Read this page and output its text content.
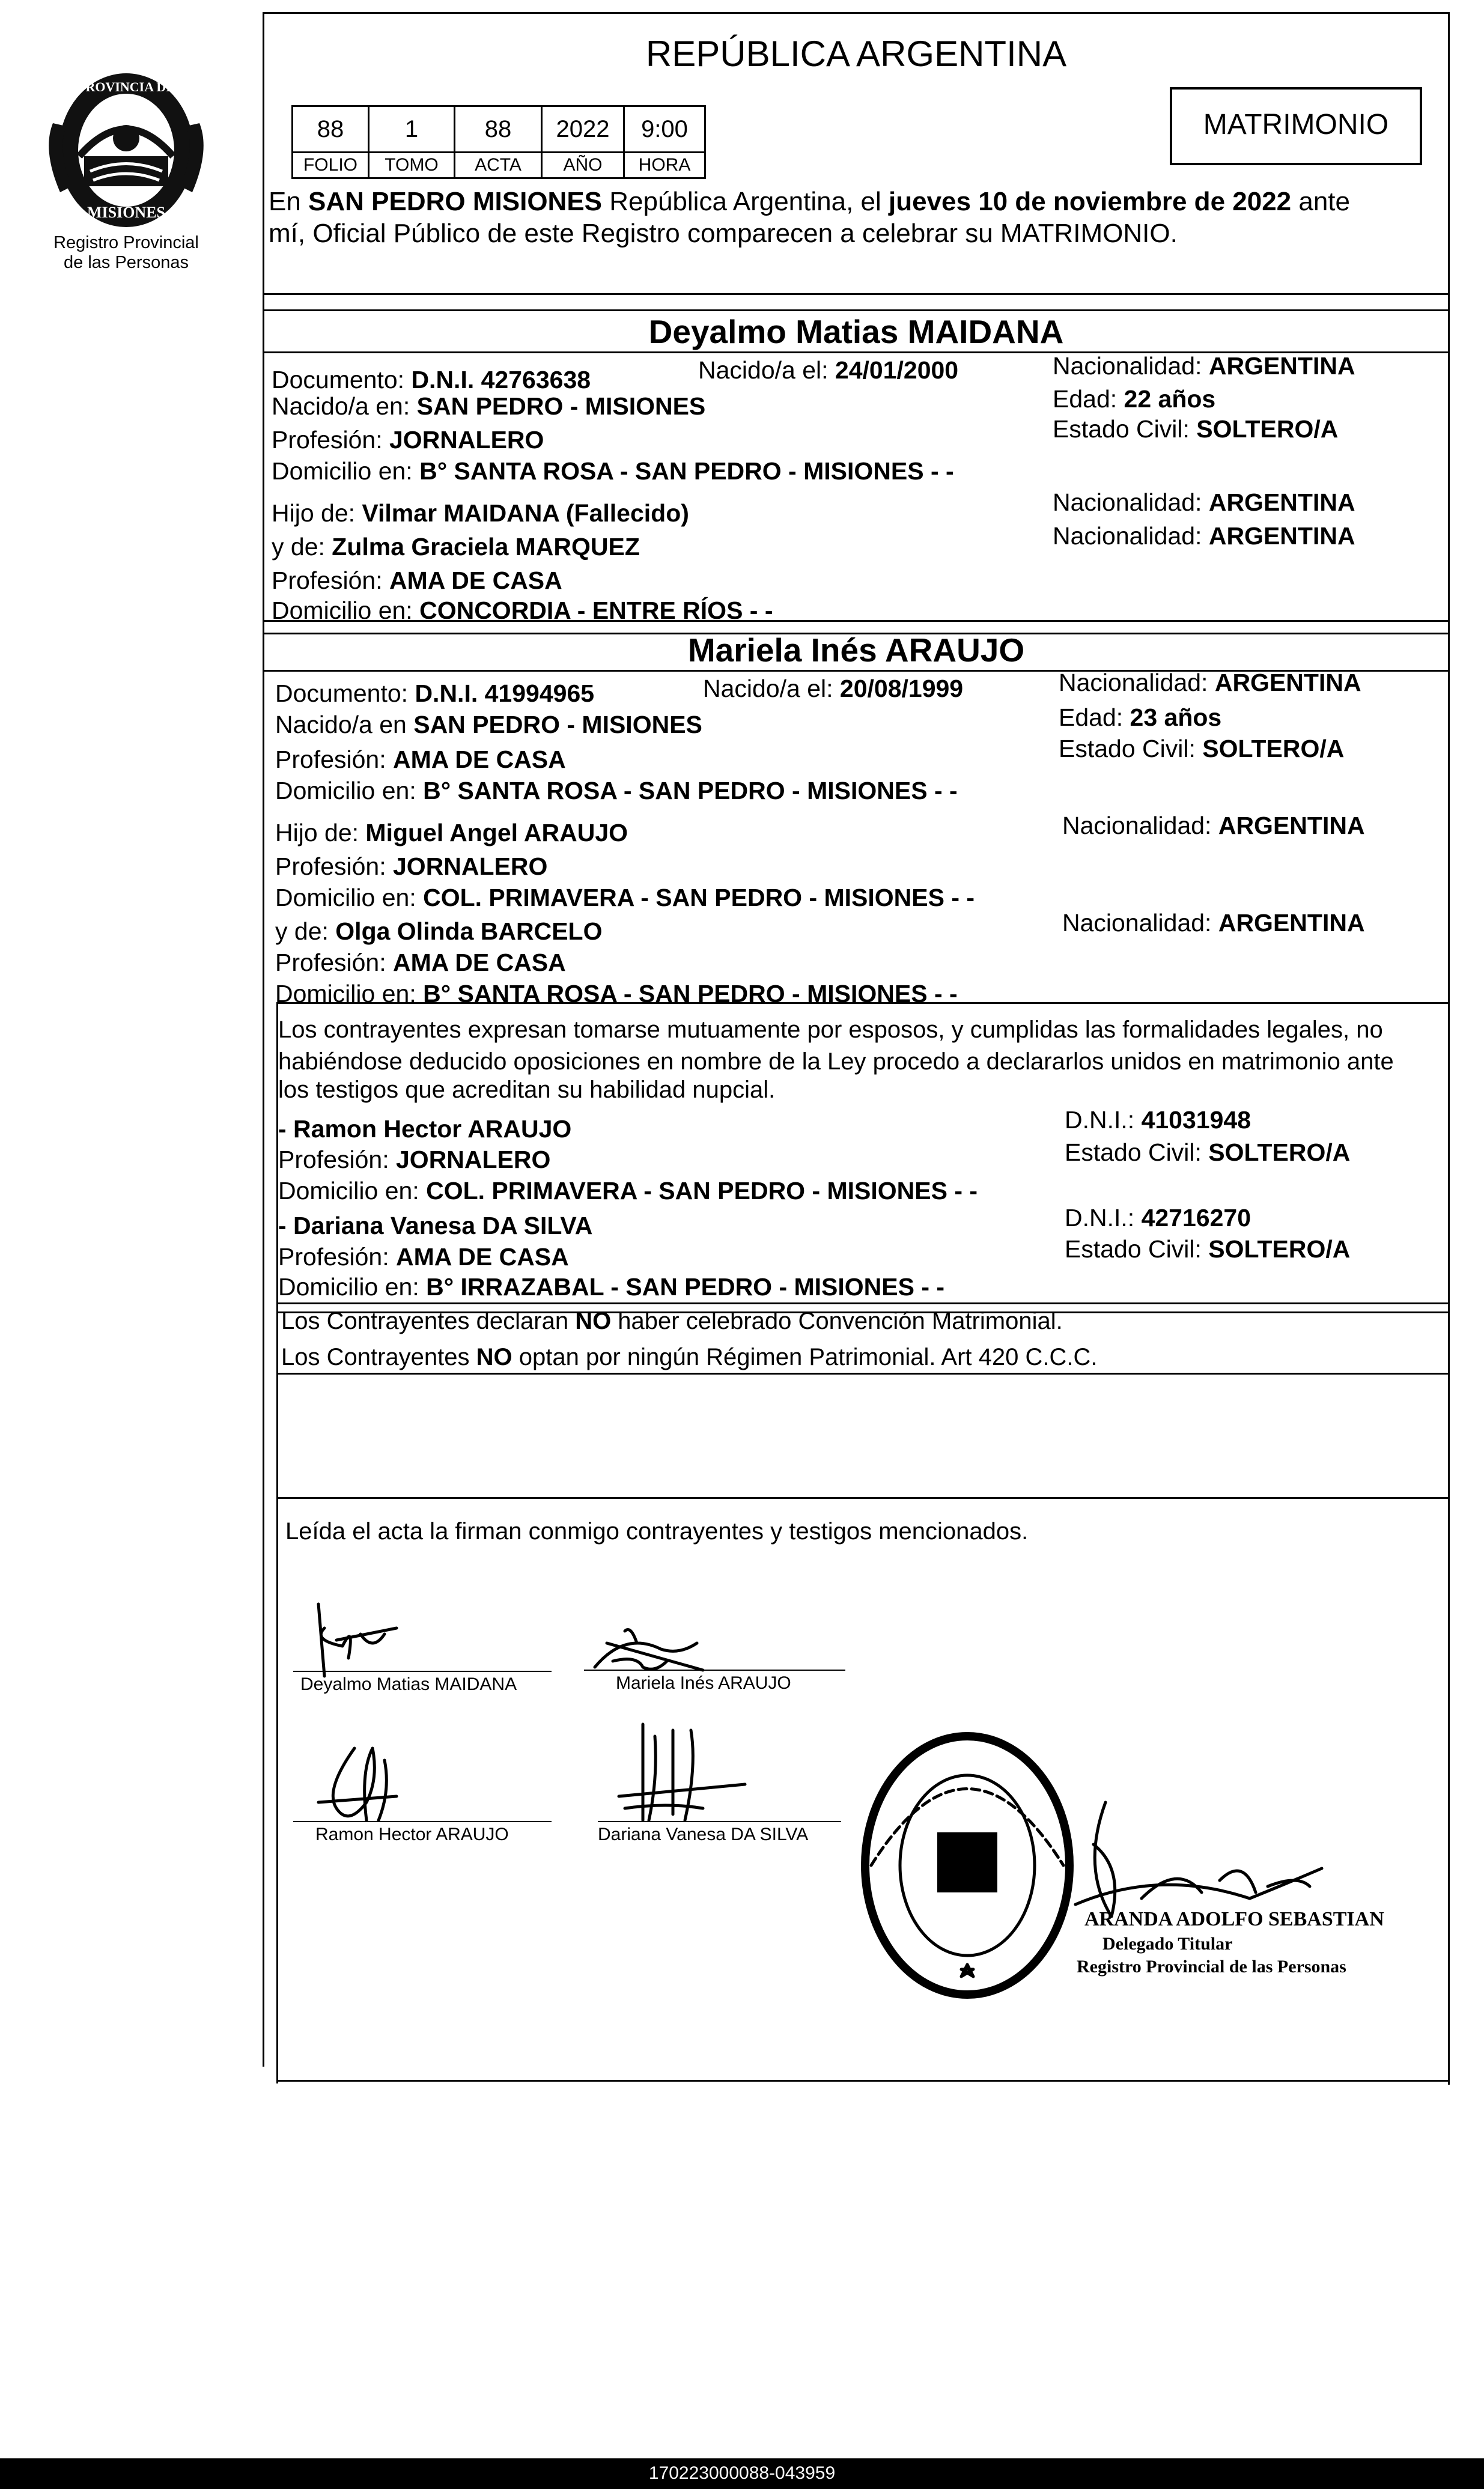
PROVINCIA DE
MISIONES
Registro Provincial
de las Personas
REPÚBLICA ARGENTINA
88	1	88	2022	9:00
FOLIO	TOMO	ACTA	AÑO	HORA
MATRIMONIO
En SAN PEDRO MISIONES República Argentina, el jueves 10 de noviembre de 2022 ante
mí, Oficial Público de este Registro comparecen a celebrar su MATRIMONIO.
Deyalmo Matias MAIDANA
Documento: D.N.I. 42763638	Nacido/a el: 24/01/2000	Nacionalidad: ARGENTINA
Nacido/a en: SAN PEDRO - MISIONES	Edad: 22 años
Profesión: JORNALERO	Estado Civil: SOLTERO/A
Domicilio en: B° SANTA ROSA - SAN PEDRO - MISIONES - -
Hijo de: Vilmar MAIDANA (Fallecido)	Nacionalidad: ARGENTINA
y de: Zulma Graciela MARQUEZ	Nacionalidad: ARGENTINA
Profesión: AMA DE CASA
Domicilio en: CONCORDIA - ENTRE RÍOS - -
Mariela Inés ARAUJO
Documento: D.N.I. 41994965	Nacido/a el: 20/08/1999	Nacionalidad: ARGENTINA
Nacido/a en SAN PEDRO - MISIONES	Edad: 23 años
Profesión: AMA DE CASA	Estado Civil: SOLTERO/A
Domicilio en: B° SANTA ROSA - SAN PEDRO - MISIONES - -
Hijo de: Miguel Angel ARAUJO	Nacionalidad: ARGENTINA
Profesión: JORNALERO
Domicilio en: COL. PRIMAVERA - SAN PEDRO - MISIONES - -
y de: Olga Olinda BARCELO	Nacionalidad: ARGENTINA
Profesión: AMA DE CASA
Domicilio en: B° SANTA ROSA - SAN PEDRO - MISIONES - -
Los contrayentes expresan tomarse mutuamente por esposos, y cumplidas las formalidades legales, no
habiéndose deducido oposiciones en nombre de la Ley procedo a declararlos unidos en matrimonio ante
los testigos que acreditan su habilidad nupcial.
- Ramon Hector ARAUJO	D.N.I.: 41031948
Profesión: JORNALERO	Estado Civil: SOLTERO/A
Domicilio en: COL. PRIMAVERA - SAN PEDRO - MISIONES - -
- Dariana Vanesa DA SILVA	D.N.I.: 42716270
Profesión: AMA DE CASA	Estado Civil: SOLTERO/A
Domicilio en: B° IRRAZABAL - SAN PEDRO - MISIONES - -
Los Contrayentes declaran NO haber celebrado Convención Matrimonial.
Los Contrayentes NO optan por ningún Régimen Patrimonial. Art 420 C.C.C.
Leída el acta la firman conmigo contrayentes y testigos mencionados.
Deyalmo Matias MAIDANA	Mariela Inés ARAUJO
Ramon Hector ARAUJO	Dariana Vanesa DA SILVA
ARANDA ADOLFO SEBASTIAN
Delegado Titular
Registro Provincial de las Personas
170223000088-043959
